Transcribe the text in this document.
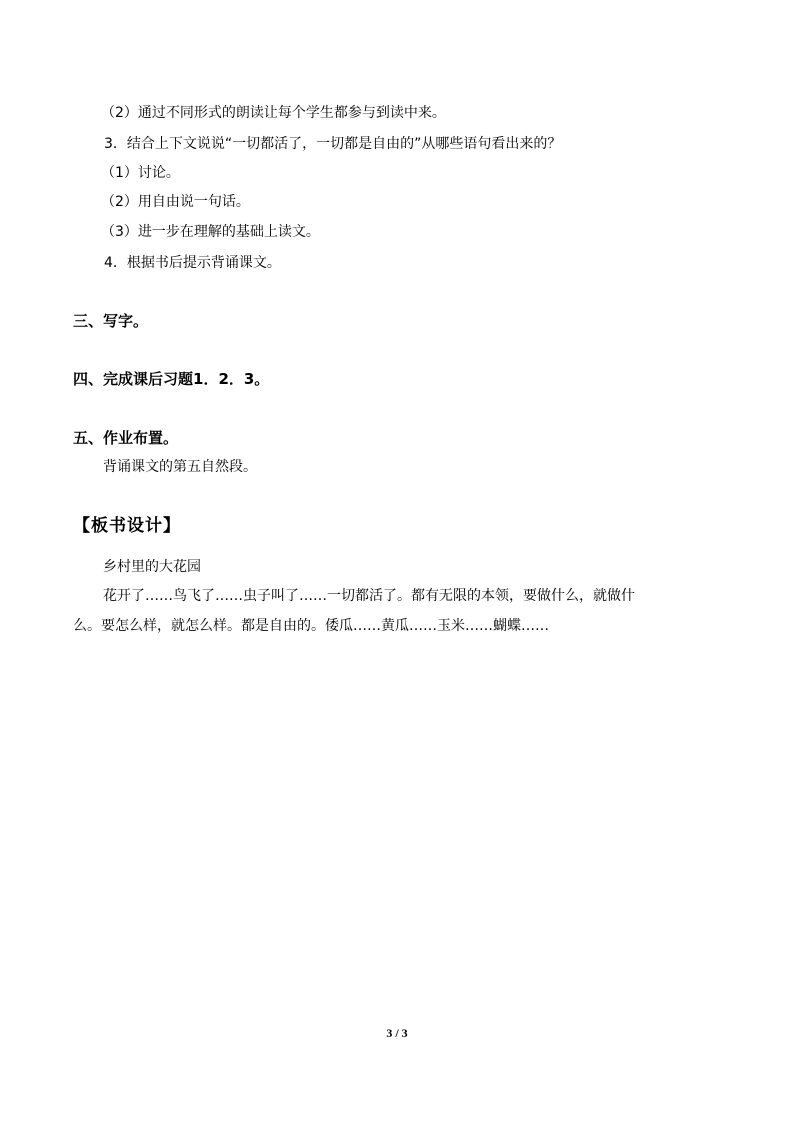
（2）通过不同形式的朗读让每个学生都参与到读中来。
3．结合上下文说说“一切都活了，一切都是自由的”从哪些语句看出来的？
（1）讨论。
（2）用自由说一句话。
（3）进一步在理解的基础上读文。
4．根据书后提示背诵课文。
三、写字。
四、完成课后习题1．2．3。
五、作业布置。
背诵课文的第五自然段。
【板书设计】
乡村里的大花园
花开了……鸟飞了……虫子叫了……一切都活了。都有无限的本领，要做什么，就做什
么。要怎么样，就怎么样。都是自由的。倭瓜……黄瓜……玉米……蝴蝶……
3 / 3
